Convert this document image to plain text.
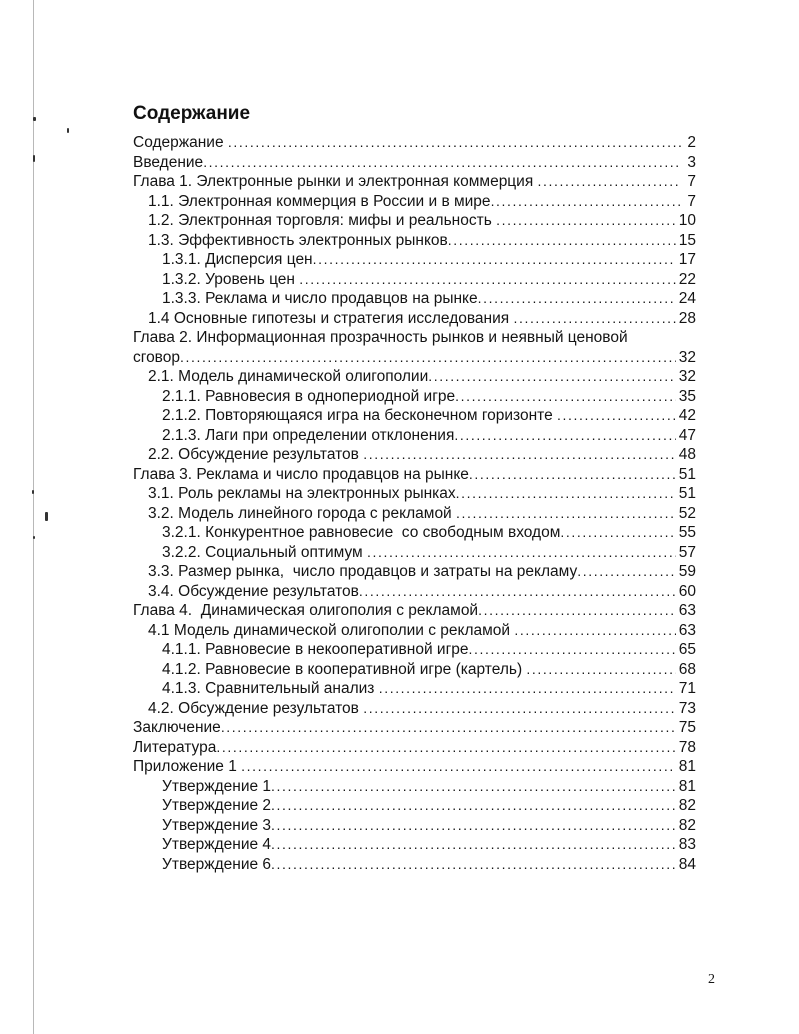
Содержание
Содержание .....	2
Введение .....	3
Глава 1. Электронные рынки и электронная коммерция .....	7
1.1. Электронная коммерция в России и в мире .....	7
1.2. Электронная торговля: мифы и реальность .....	10
1.3. Эффективность электронных рынков .....	15
1.3.1. Дисперсия цен .....	17
1.3.2. Уровень цен .....	22
1.3.3. Реклама и число продавцов на рынке .....	24
1.4 Основные гипотезы и стратегия исследования .....	28
Глава 2. Информационная прозрачность рынков и неявный ценовой
сговор .....	32
2.1. Модель динамической олигополии .....	32
2.1.1. Равновесия в однопериодной игре .....	35
2.1.2. Повторяющаяся игра на бесконечном горизонте .....	42
2.1.3. Лаги при определении отклонения .....	47
2.2. Обсуждение результатов .....	48
Глава 3. Реклама и число продавцов на рынке .....	51
3.1. Роль рекламы на электронных рынках .....	51
3.2. Модель линейного города с рекламой .....	52
3.2.1. Конкурентное равновесие  со свободным входом .....	55
3.2.2. Социальный оптимум .....	57
3.3. Размер рынка,  число продавцов и затраты на рекламу .....	59
3.4. Обсуждение результатов .....	60
Глава 4.  Динамическая олигополия с рекламой .....	63
4.1 Модель динамической олигополии с рекламой .....	63
4.1.1. Равновесие в некооперативной игре .....	65
4.1.2. Равновесие в кооперативной игре (картель) .....	68
4.1.3. Сравнительный анализ .....	71
4.2. Обсуждение результатов .....	73
Заключение .....	75
Литература .....	78
Приложение 1 .....	81
Утверждение 1 .....	81
Утверждение 2 .....	82
Утверждение 3 .....	82
Утверждение 4 .....	83
Утверждение 6 .....	84

2
